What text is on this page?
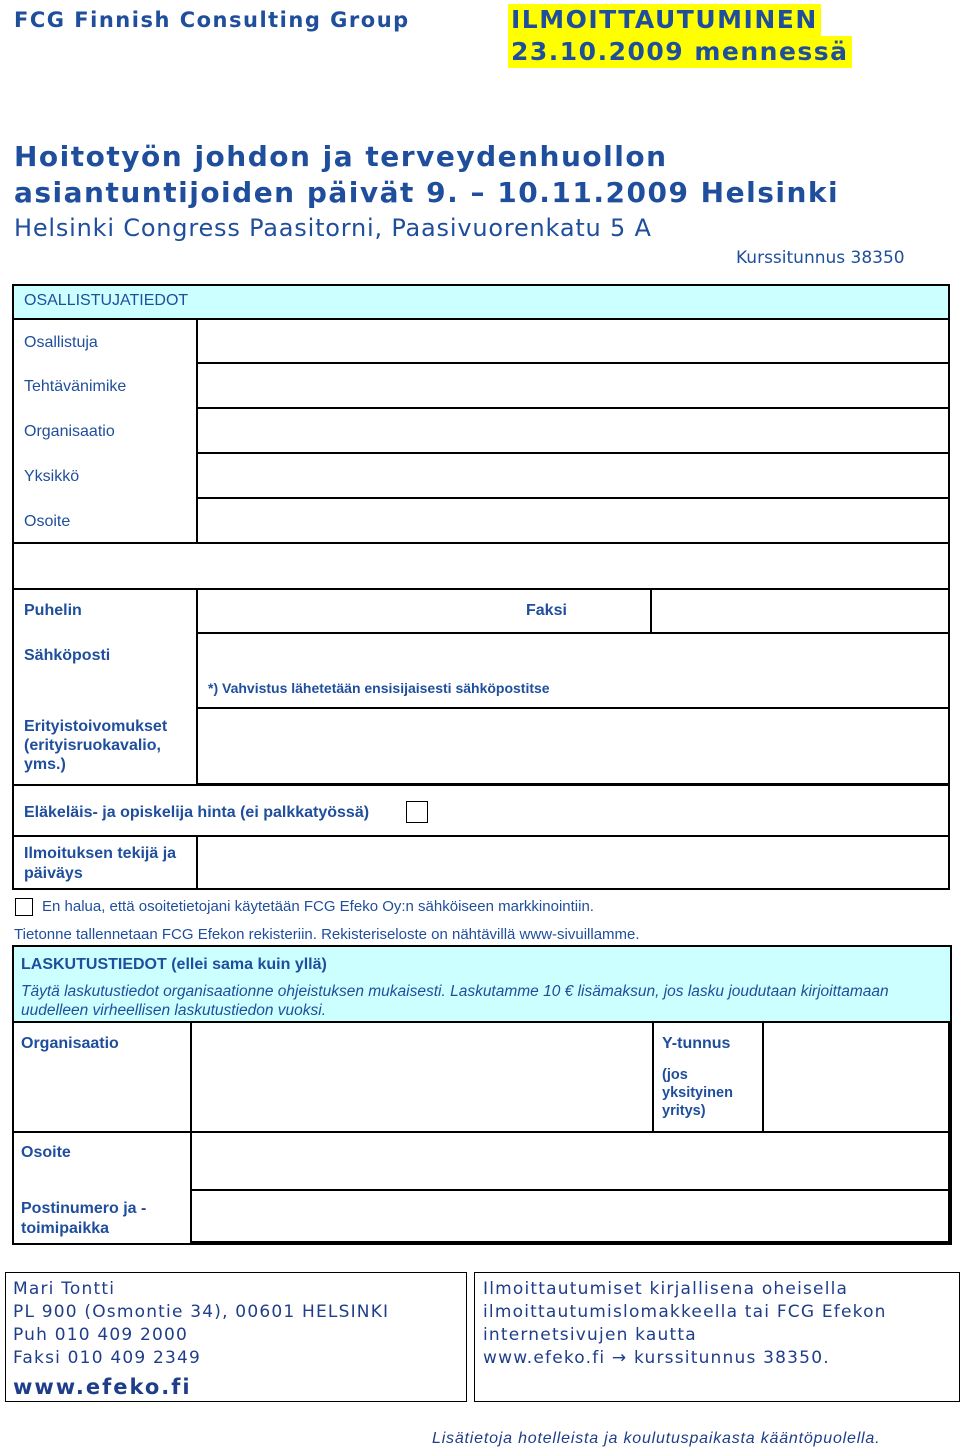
FCG Finnish Consulting Group	ILMOITTAUTUMINEN
23.10.2009 mennessä
Hoitotyön johdon ja terveydenhuollon
asiantuntijoiden päivät 9. – 10.11.2009 Helsinki
Helsinki Congress Paasitorni, Paasivuorenkatu 5 A
Kurssitunnus 38350
OSALLISTUJATIEDOT
Osallistuja
Tehtävänimike
Organisaatio
Yksikkö
Osoite
Puhelin
Sähköposti
Erityistoivomukset (erityisruokavalio, yms.)
Eläkeläis- ja opiskelija hinta (ei palkkatyössä)
Ilmoituksen tekijä ja päiväys
Faksi
*) Vahvistus lähetetään ensisijaisesti sähköpostitse
En halua, että osoitetietojani käytetään FCG Efeko Oy:n sähköiseen markkinointiin.
Tietonne tallennetaan FCG Efekon rekisteriin. Rekisteriseloste on nähtävillä www-sivuillamme.
LASKUTUSTIEDOT (ellei sama kuin yllä)
Täytä laskutustiedot organisaationne ohjeistuksen mukaisesti. Laskutamme 10 € lisämaksun, jos lasku joudutaan kirjoittamaan uudelleen virheellisen laskutustiedon vuoksi.
Organisaatio	Y-tunnus
(jos yksityinen yritys)
Osoite
Postinumero ja -toimipaikka
Mari Tontti
PL 900 (Osmontie 34), 00601 HELSINKI
Puh 010 409 2000
Faksi 010 409 2349
www.efeko.fi
Ilmoittautumiset kirjallisena oheisella
ilmoittautumislomakkeella tai FCG Efekon
internetsivujen kautta
www.efeko.fi → kurssitunnus 38350.
Lisätietoja hotelleista ja koulutuspaikasta kääntöpuolella.
